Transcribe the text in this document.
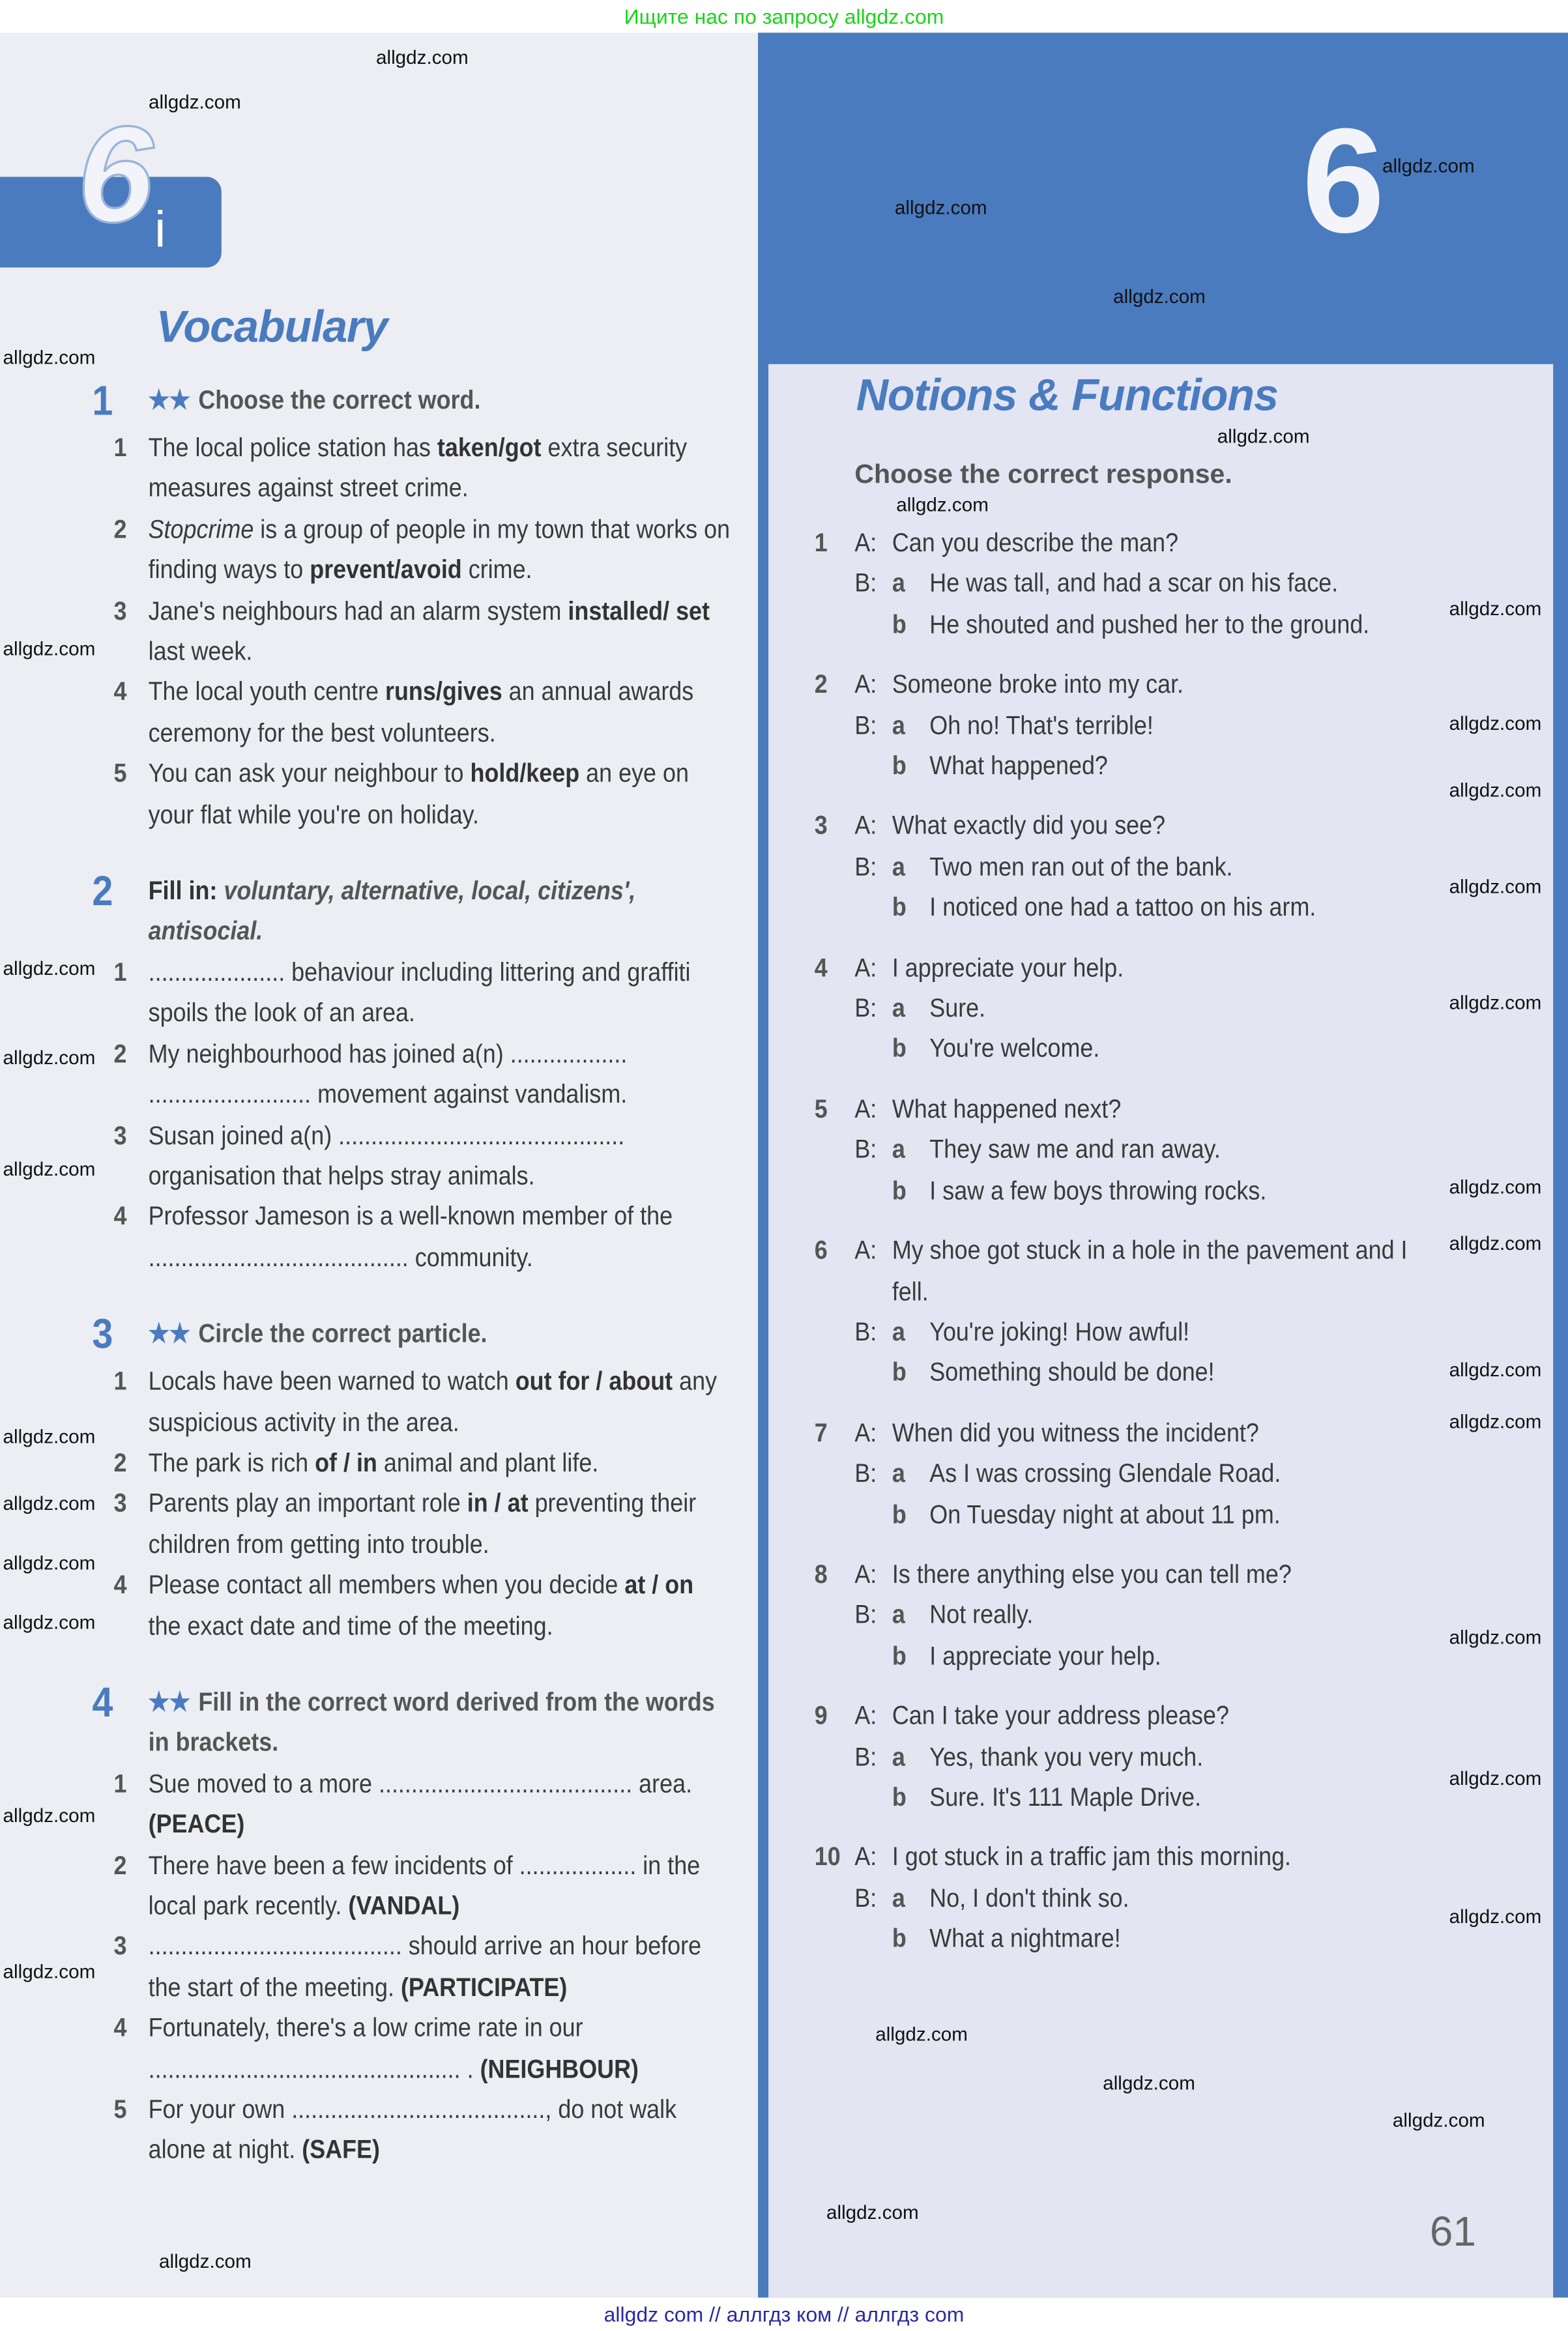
Ищите нас по запросу allgdz.com
6 i	6
Vocabulary
Notions & Functions
Choose the correct response.
1	★★ Choose the correct word.
1	The local police station has taken/got extra security measures against street crime.
2	Stopcrime is a group of people in my town that works on finding ways to prevent/avoid crime.
3	Jane's neighbours had an alarm system installed/ set last week.
4	The local youth centre runs/gives an annual awards ceremony for the best volunteers.
5	You can ask your neighbour to hold/keep an eye on your flat while you're on holiday.
2	Fill in: voluntary, alternative, local, citizens', antisocial.
1	..................... behaviour including littering and graffiti spoils the look of an area.
2	My neighbourhood has joined a(n) .................. ......................... movement against vandalism.
3	Susan joined a(n) ............................................ organisation that helps stray animals.
4	Professor Jameson is a well-known member of the ........................................ community.
3	★★ Circle the correct particle.
1	Locals have been warned to watch out for / about any suspicious activity in the area.
2	The park is rich of / in animal and plant life.
3	Parents play an important role in / at preventing their children from getting into trouble.
4	Please contact all members when you decide at / on the exact date and time of the meeting.
4	★★ Fill in the correct word derived from the words in brackets.
1	Sue moved to a more ....................................... area. (PEACE)
2	There have been a few incidents of .................. in the local park recently. (VANDAL)
3	....................................... should arrive an hour before the start of the meeting. (PARTICIPATE)
4	Fortunately, there's a low crime rate in our ................................................ . (NEIGHBOUR)
5	For your own ......................................., do not walk alone at night. (SAFE)
1	A:	Can you describe the man?
B:	a	He was tall, and had a scar on his face.
b	He shouted and pushed her to the ground.
2	A:	Someone broke into my car.
B:	a	Oh no! That's terrible!
b	What happened?
3	A:	What exactly did you see?
B:	a	Two men ran out of the bank.
b	I noticed one had a tattoo on his arm.
4	A:	I appreciate your help.
B:	a	Sure.
b	You're welcome.
5	A:	What happened next?
B:	a	They saw me and ran away.
b	I saw a few boys throwing rocks.
6	A:	My shoe got stuck in a hole in the pavement and I fell.
B:	a	You're joking! How awful!
b	Something should be done!
7	A:	When did you witness the incident?
B:	a	As I was crossing Glendale Road.
b	On Tuesday night at about 11 pm.
8	A:	Is there anything else you can tell me?
B:	a	Not really.
b	I appreciate your help.
9	A:	Can I take your address please?
B:	a	Yes, thank you very much.
b	Sure. It's 111 Maple Drive.
10	A:	I got stuck in a traffic jam this morning.
B:	a	No, I don't think so.
b	What a nightmare!
61
allgdz.com
allgdz.com
allgdz.com
allgdz.com
allgdz.com
allgdz.com
allgdz.com
allgdz.com
allgdz.com
allgdz.com
allgdz.com
allgdz.com
allgdz.com
allgdz.com
allgdz.com
allgdz.com
allgdz.com
allgdz.com
allgdz.com
allgdz.com
allgdz.com
allgdz.com
allgdz.com
allgdz.com
allgdz.com
allgdz.com
allgdz.com
allgdz.com
allgdz.com
allgdz.com
allgdz.com
allgdz.com
allgdz.com
allgdz.com
allgdz.com
allgdz com // аллгдз ком // аллгдз com
